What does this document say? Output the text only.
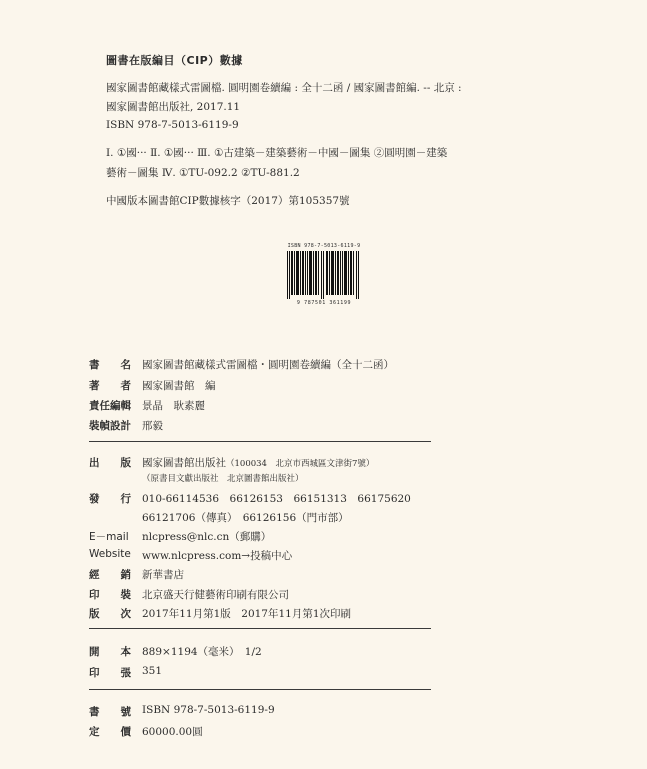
圖書在版編目（CIP）數據
國家圖書館藏樣式雷圖檔. 圓明園卷續編 : 全十二函 / 國家圖書館編. -- 北京 :
國家圖書館出版社, 2017.11
ISBN 978-7-5013-6119-9
Ⅰ. ①國··· Ⅱ. ①國··· Ⅲ. ①古建築－建築藝術－中國－圖集 ②圓明園－建築
藝術－圖集 Ⅳ. ①TU-092.2 ②TU-881.2
中國版本圖書館CIP數據核字（2017）第105357號
ISBN 978-7-5013-6119-9
9 787501 361199
書　　名 國家圖書館藏樣式雷圖檔・圓明園卷續編（全十二函）
著　　者 國家圖書館　編
責任編輯 景晶　耿素麗
裝幀設計 邢毅
出　　版 國家圖書館出版社（100034　北京市西城區文津街7號）
（原書目文獻出版社　北京圖書館出版社）
發　　行 010-66114536　66126153　66151313　66175620
66121706（傳真）　66126156（門市部）
E－mail nlcpress@nlc.cn（郵購）
Website www.nlcpress.com→投稿中心
經　　銷 新華書店
印　　裝 北京盛天行健藝術印刷有限公司
版　　次 2017年11月第1版　2017年11月第1次印刷
開　　本 889×1194（毫米）　1/2
印　　張 351
書　　號 ISBN 978-7-5013-6119-9
定　　價 60000.00圓
